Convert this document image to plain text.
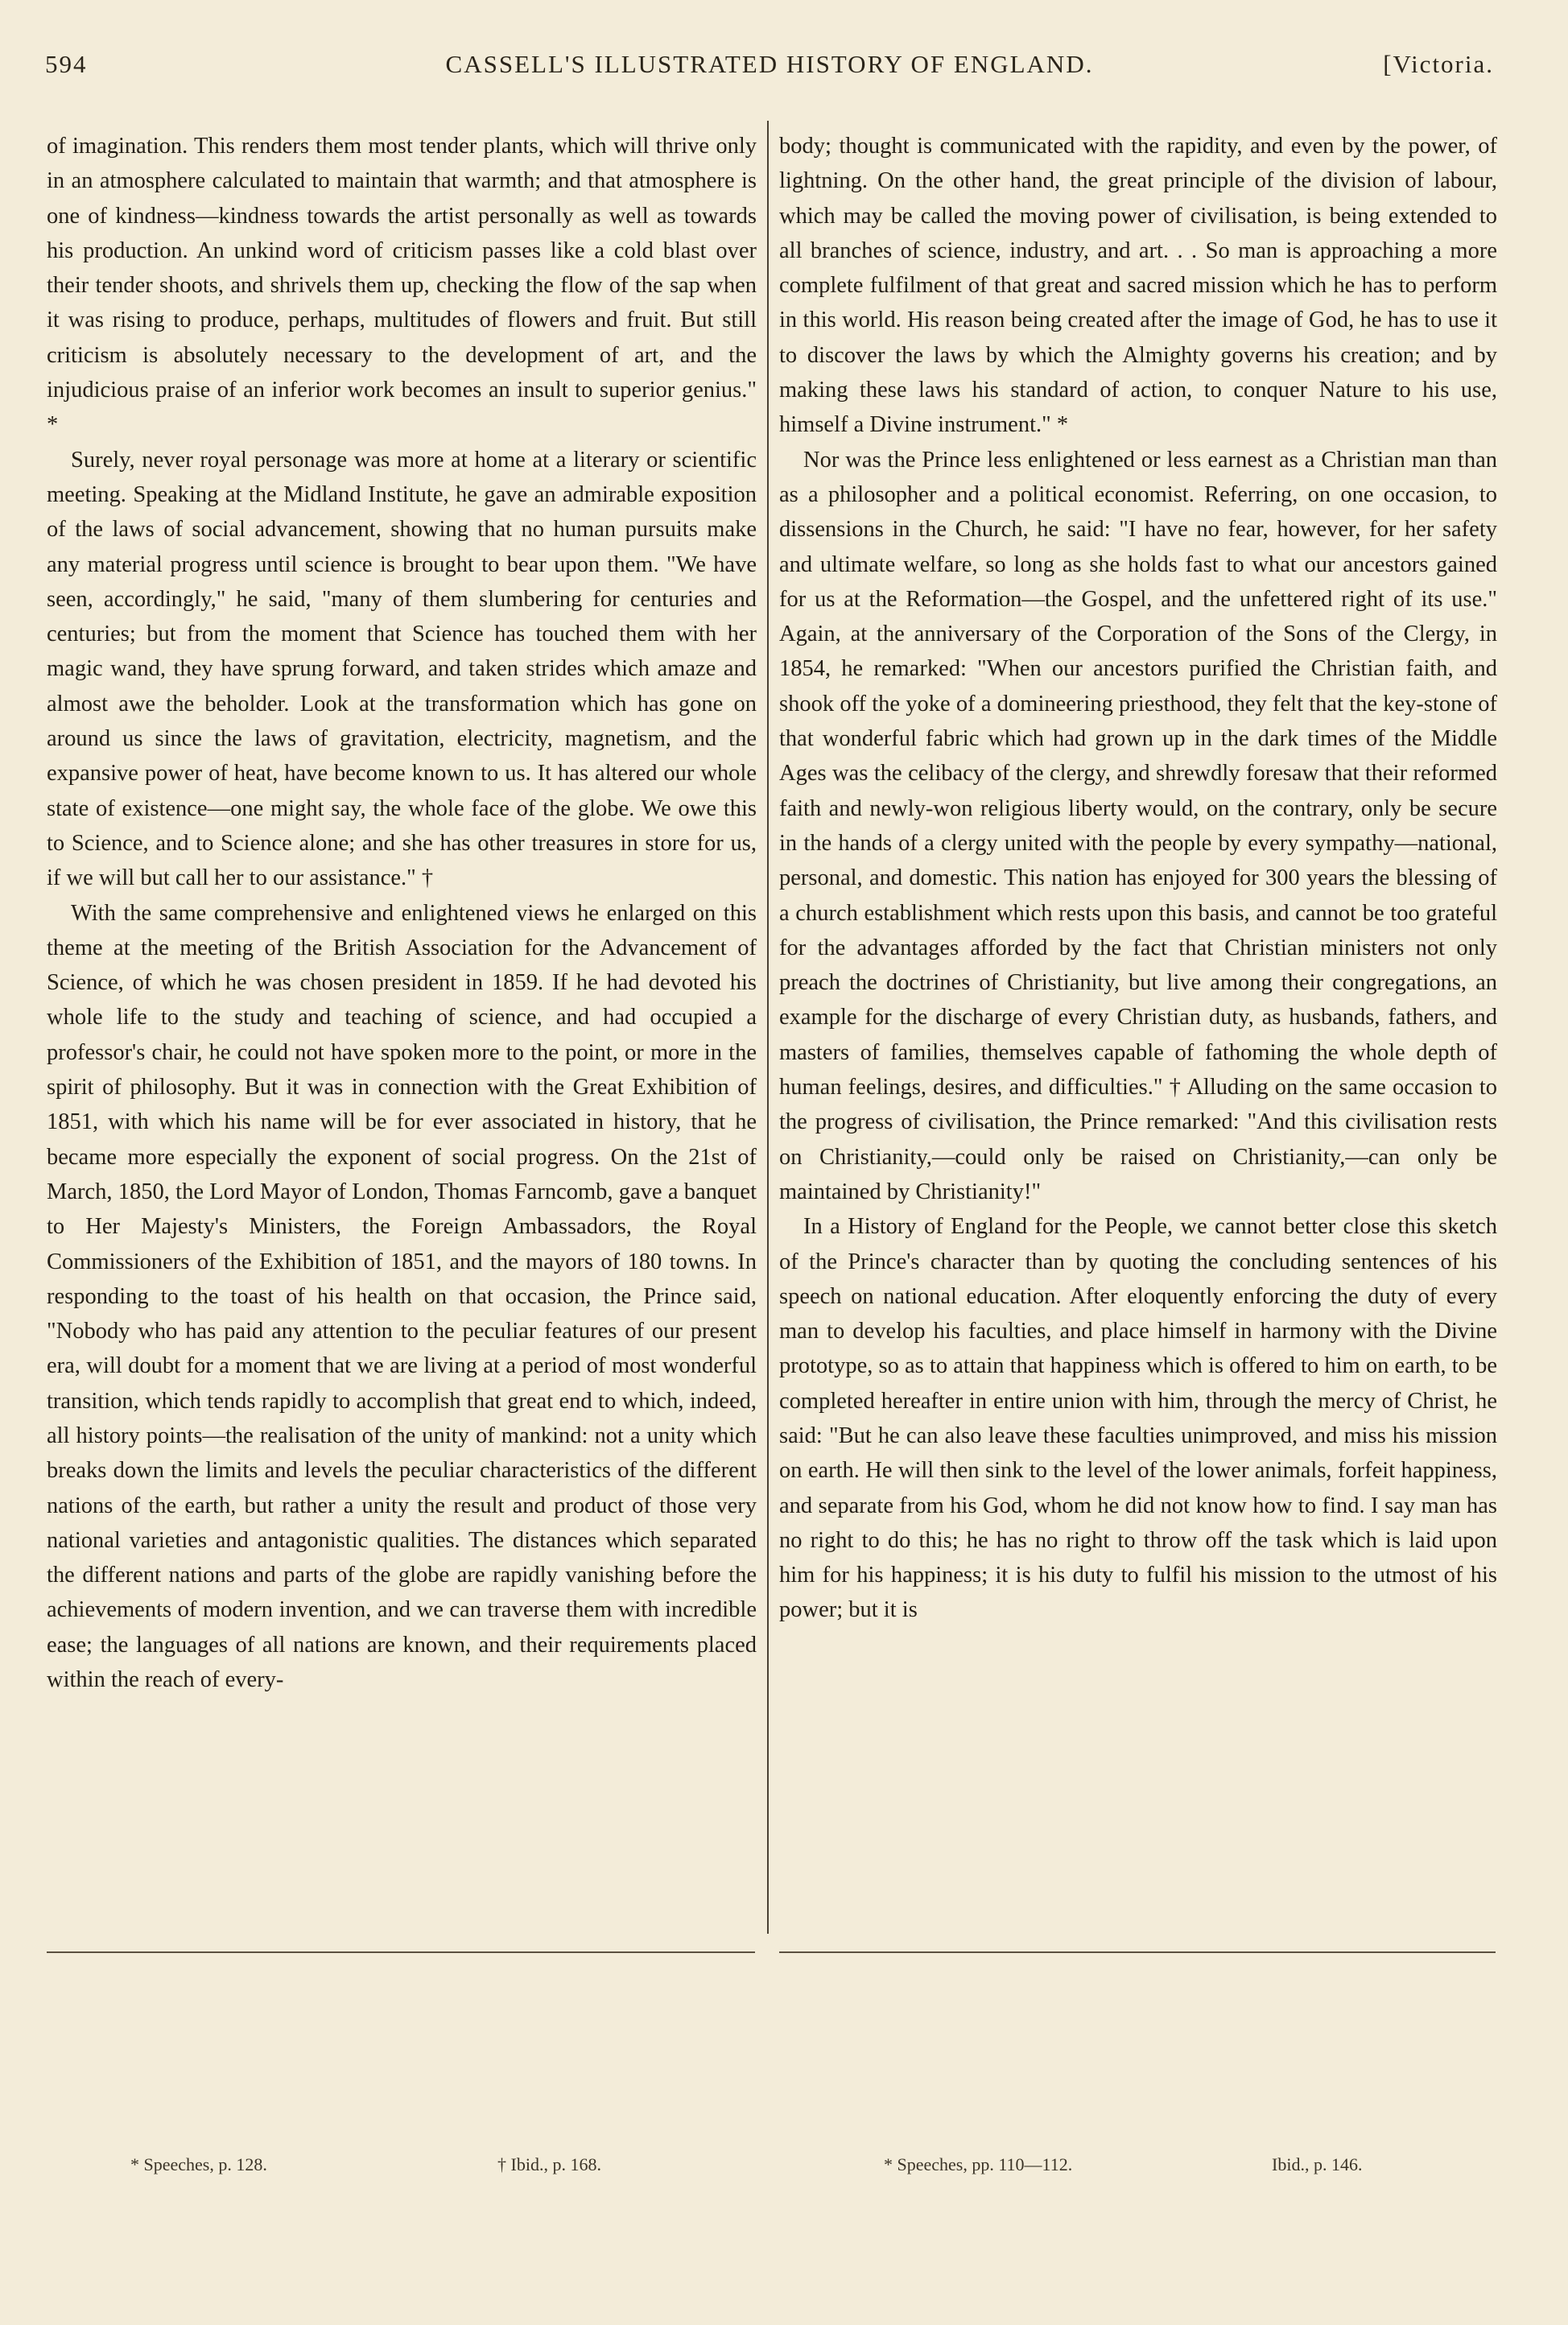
594	CASSELL'S ILLUSTRATED HISTORY OF ENGLAND.	[Victoria.

of imagination. This renders them most tender plants, which will thrive only in an atmosphere calculated to maintain that warmth; and that atmosphere is one of kindness—kindness towards the artist personally as well as towards his production. An unkind word of criticism passes like a cold blast over their tender shoots, and shrivels them up, checking the flow of the sap when it was rising to produce, perhaps, multitudes of flowers and fruit. But still criticism is absolutely necessary to the development of art, and the injudicious praise of an inferior work becomes an insult to superior genius." *

Surely, never royal personage was more at home at a literary or scientific meeting. Speaking at the Midland Institute, he gave an admirable exposition of the laws of social advancement, showing that no human pursuits make any material progress until science is brought to bear upon them. "We have seen, accordingly," he said, "many of them slumbering for centuries and centuries; but from the moment that Science has touched them with her magic wand, they have sprung forward, and taken strides which amaze and almost awe the beholder. Look at the transformation which has gone on around us since the laws of gravitation, electricity, magnetism, and the expansive power of heat, have become known to us. It has altered our whole state of existence—one might say, the whole face of the globe. We owe this to Science, and to Science alone; and she has other treasures in store for us, if we will but call her to our assistance." †

With the same comprehensive and enlightened views he enlarged on this theme at the meeting of the British Association for the Advancement of Science, of which he was chosen president in 1859. If he had devoted his whole life to the study and teaching of science, and had occupied a professor's chair, he could not have spoken more to the point, or more in the spirit of philosophy. But it was in connection with the Great Exhibition of 1851, with which his name will be for ever associated in history, that he became more especially the exponent of social progress. On the 21st of March, 1850, the Lord Mayor of London, Thomas Farncomb, gave a banquet to Her Majesty's Ministers, the Foreign Ambassadors, the Royal Commissioners of the Exhibition of 1851, and the mayors of 180 towns. In responding to the toast of his health on that occasion, the Prince said, "Nobody who has paid any attention to the peculiar features of our present era, will doubt for a moment that we are living at a period of most wonderful transition, which tends rapidly to accomplish that great end to which, indeed, all history points—the realisation of the unity of mankind: not a unity which breaks down the limits and levels the peculiar characteristics of the different nations of the earth, but rather a unity the result and product of those very national varieties and antagonistic qualities. The distances which separated the different nations and parts of the globe are rapidly vanishing before the achievements of modern invention, and we can traverse them with incredible ease; the languages of all nations are known, and their requirements placed within the reach of every-

body; thought is communicated with the rapidity, and even by the power, of lightning. On the other hand, the great principle of the division of labour, which may be called the moving power of civilisation, is being extended to all branches of science, industry, and art. . . So man is approaching a more complete fulfilment of that great and sacred mission which he has to perform in this world. His reason being created after the image of God, he has to use it to discover the laws by which the Almighty governs his creation; and by making these laws his standard of action, to conquer Nature to his use, himself a Divine instrument." *

Nor was the Prince less enlightened or less earnest as a Christian man than as a philosopher and a political economist. Referring, on one occasion, to dissensions in the Church, he said: "I have no fear, however, for her safety and ultimate welfare, so long as she holds fast to what our ancestors gained for us at the Reformation—the Gospel, and the unfettered right of its use." Again, at the anniversary of the Corporation of the Sons of the Clergy, in 1854, he remarked: "When our ancestors purified the Christian faith, and shook off the yoke of a domineering priesthood, they felt that the key-stone of that wonderful fabric which had grown up in the dark times of the Middle Ages was the celibacy of the clergy, and shrewdly foresaw that their reformed faith and newly-won religious liberty would, on the contrary, only be secure in the hands of a clergy united with the people by every sympathy—national, personal, and domestic. This nation has enjoyed for 300 years the blessing of a church establishment which rests upon this basis, and cannot be too grateful for the advantages afforded by the fact that Christian ministers not only preach the doctrines of Christianity, but live among their congregations, an example for the discharge of every Christian duty, as husbands, fathers, and masters of families, themselves capable of fathoming the whole depth of human feelings, desires, and difficulties." † Alluding on the same occasion to the progress of civilisation, the Prince remarked: "And this civilisation rests on Christianity,—could only be raised on Christianity,—can only be maintained by Christianity!"

In a History of England for the People, we cannot better close this sketch of the Prince's character than by quoting the concluding sentences of his speech on national education. After eloquently enforcing the duty of every man to develop his faculties, and place himself in harmony with the Divine prototype, so as to attain that happiness which is offered to him on earth, to be completed hereafter in entire union with him, through the mercy of Christ, he said: "But he can also leave these faculties unimproved, and miss his mission on earth. He will then sink to the level of the lower animals, forfeit happiness, and separate from his God, whom he did not know how to find. I say man has no right to do this; he has no right to throw off the task which is laid upon him for his happiness; it is his duty to fulfil his mission to the utmost of his power; but it is

* Speeches, p. 128.	† Ibid., p. 168.	* Speeches, pp. 110—112.	Ibid., p. 146.
